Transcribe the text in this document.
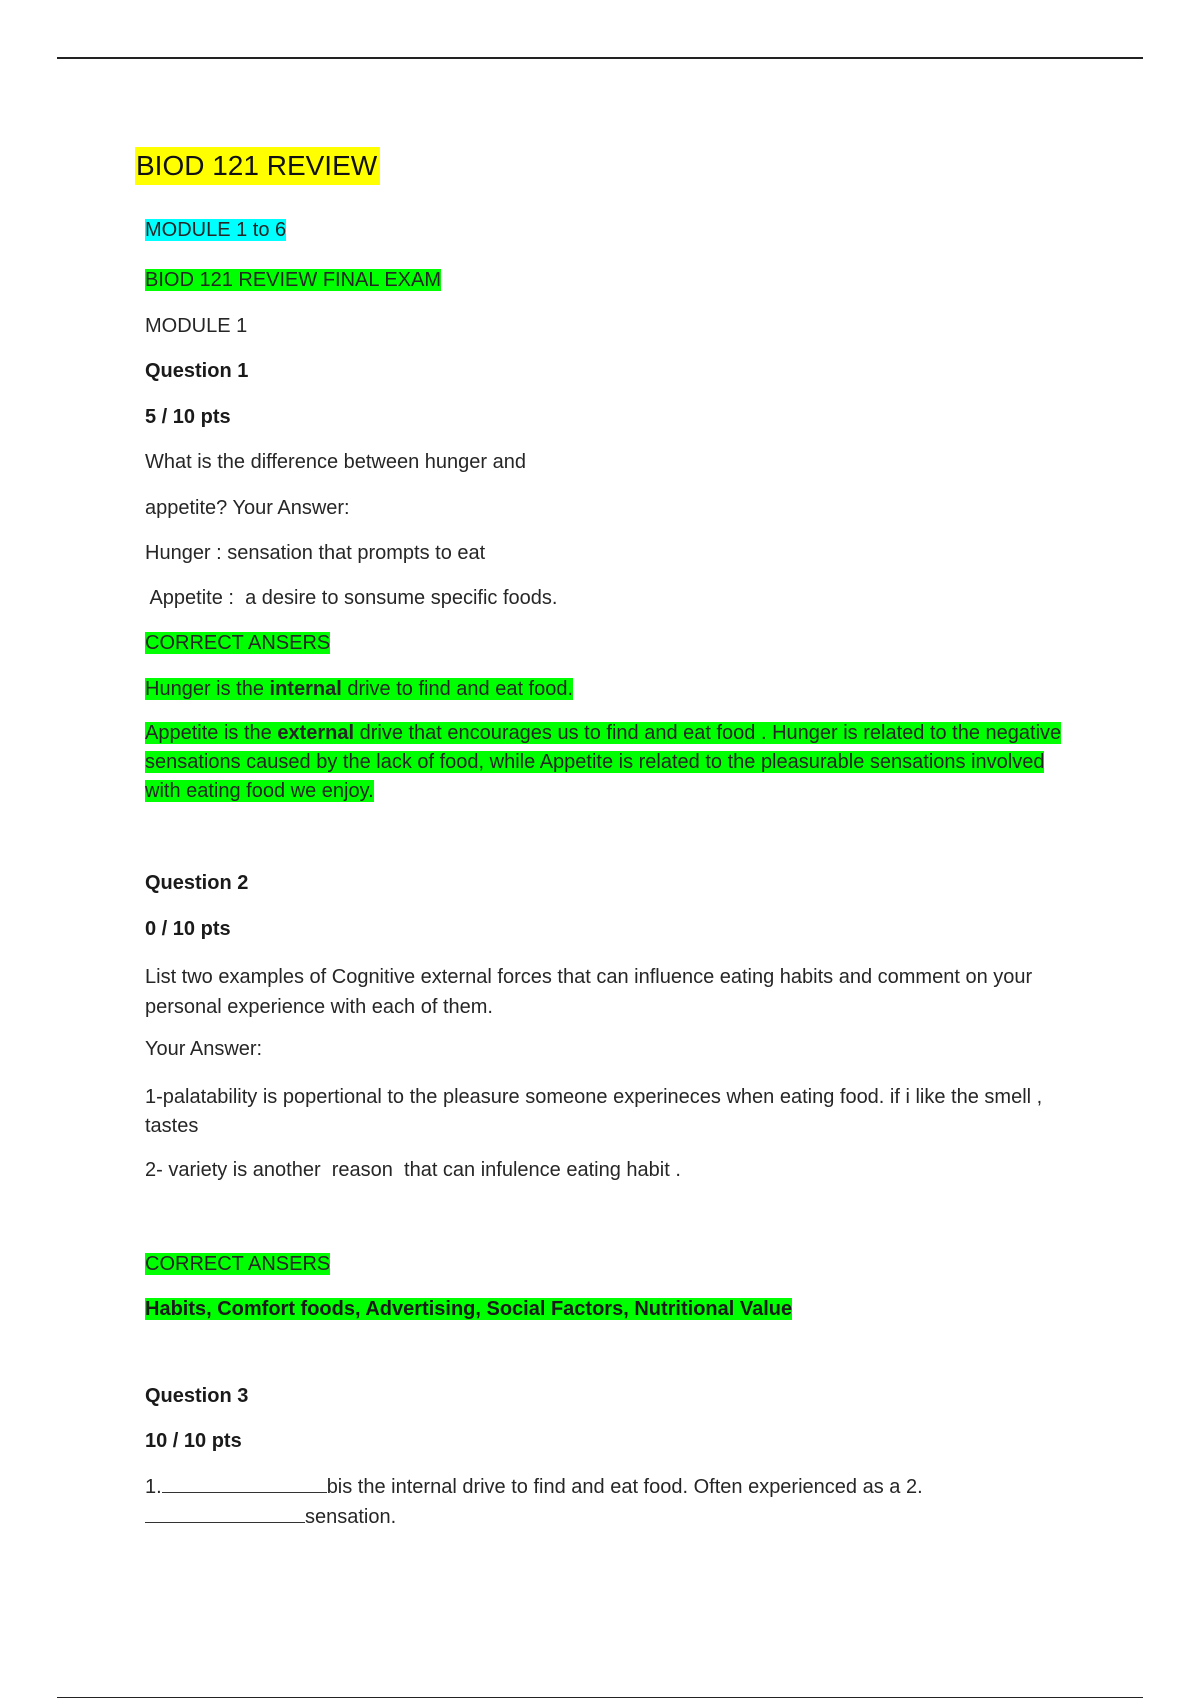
BIOD 121 REVIEW
MODULE 1 to 6
BIOD 121 REVIEW FINAL EXAM
MODULE 1
Question 1
5 / 10 pts
What is the difference between hunger and
appetite? Your Answer:
Hunger : sensation that prompts to eat
Appetite :  a desire to sonsume specific foods.
CORRECT ANSERS
Hunger is the internal drive to find and eat food.
Appetite is the external drive that encourages us to find and eat food . Hunger is related to the negative sensations caused by the lack of food, while Appetite is related to the pleasurable sensations involved with eating food we enjoy.
Question 2
0 / 10 pts
List two examples of Cognitive external forces that can influence eating habits and comment on your personal experience with each of them.
Your Answer:
1-palatability is popertional to the pleasure someone experineces when eating food. if i like the smell , tastes
2- variety is another  reason  that can infulence eating habit .
CORRECT ANSERS
Habits, Comfort foods, Advertising, Social Factors, Nutritional Value
Question 3
10 / 10 pts
1.	bis the internal drive to find and eat food. Often experienced as a 2.
sensation.
